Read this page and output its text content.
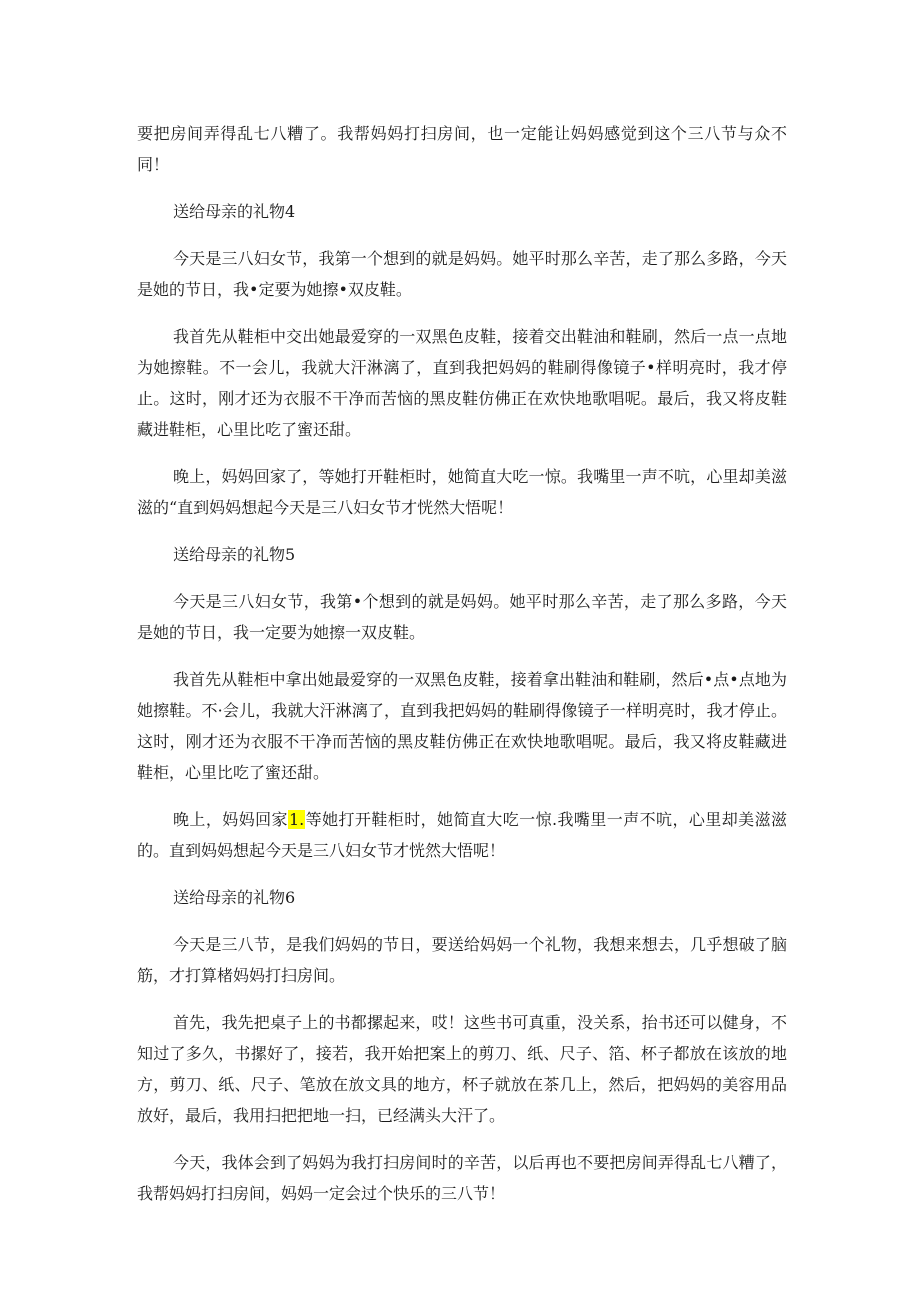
要把房间弄得乱七八糟了。我帮妈妈打扫房间，也一定能让妈妈感觉到这个三八节与众不同！

送给母亲的礼物4

今天是三八妇女节，我第一个想到的就是妈妈。她平时那么辛苦，走了那么多路，今天是她的节日，我•定要为她擦•双皮鞋。

我首先从鞋柜中交出她最爱穿的一双黑色皮鞋，接着交出鞋油和鞋刷，然后一点一点地为她擦鞋。不一会儿，我就大汗淋漓了，直到我把妈妈的鞋刷得像镜子•样明亮时，我才停止。这时，刚才还为衣服不干净而苦恼的黑皮鞋仿佛正在欢快地歌唱呢。最后，我又将皮鞋藏进鞋柜，心里比吃了蜜还甜。

晚上，妈妈回家了，等她打开鞋柜时，她简直大吃一惊。我嘴里一声不吭，心里却美滋滋的“直到妈妈想起今天是三八妇女节才恍然大悟呢！

送给母亲的礼物5

今天是三八妇女节，我第•个想到的就是妈妈。她平时那么辛苦，走了那么多路，今天是她的节日，我一定要为她擦一双皮鞋。

我首先从鞋柜中拿出她最爱穿的一双黑色皮鞋，接着拿出鞋油和鞋刷，然后•点•点地为她擦鞋。不·会儿，我就大汗淋漓了，直到我把妈妈的鞋刷得像镜子一样明亮时，我才停止。这时，刚才还为衣服不干净而苦恼的黑皮鞋仿佛正在欢快地歌唱呢。最后，我又将皮鞋藏进鞋柜，心里比吃了蜜还甜。

晚上，妈妈回家1.等她打开鞋柜时，她简直大吃一惊.我嘴里一声不吭，心里却美滋滋的。直到妈妈想起今天是三八妇女节才恍然大悟呢！

送给母亲的礼物6

今天是三八节，是我们妈妈的节日，要送给妈妈一个礼物，我想来想去，几乎想破了脑筋，才打算楮妈妈打扫房间。

首先，我先把桌子上的书都摞起来，哎！这些书可真重，没关系，抬书还可以健身，不知过了多久，书摞好了，接若，我开始把案上的剪刀、纸、尺子、箔、杯子都放在该放的地方，剪刀、纸、尺子、笔放在放文具的地方，杯子就放在茶几上，然后，把妈妈的美容用品放好，最后，我用扫把把地一扫，已经满头大汗了。

今天，我体会到了妈妈为我打扫房间时的辛苦，以后再也不要把房间弄得乱七八糟了，我帮妈妈打扫房间，妈妈一定会过个快乐的三八节！
